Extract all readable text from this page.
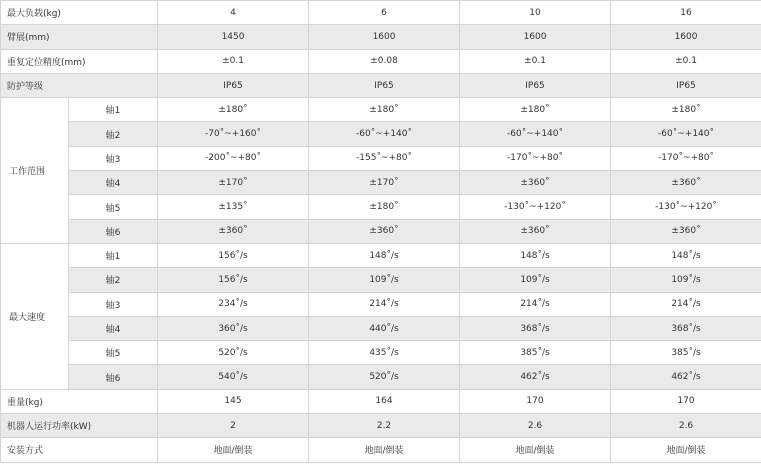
最大负载(kg)		4	6	10	16
臂展(mm)		1450	1600	1600	1600
重复定位精度(mm)		±0.1	±0.08	±0.1	±0.1
防护等级		IP65	IP65	IP65	IP65
工作范围	轴1	±180˚	±180˚	±180˚	±180˚
	轴2	-70˚~+160˚	-60˚~+140˚	-60˚~+140˚	-60˚~+140˚
	轴3	-200˚~+80˚	-155˚~+80˚	-170˚~+80˚	-170˚~+80˚
	轴4	±170˚	±170˚	±360˚	±360˚
	轴5	±135˚	±180˚	-130˚~+120˚	-130˚~+120˚
	轴6	±360˚	±360˚	±360˚	±360˚
最大速度	轴1	156˚/s	148˚/s	148˚/s	148˚/s
	轴2	156˚/s	109˚/s	109˚/s	109˚/s
	轴3	234˚/s	214˚/s	214˚/s	214˚/s
	轴4	360˚/s	440˚/s	368˚/s	368˚/s
	轴5	520˚/s	435˚/s	385˚/s	385˚/s
	轴6	540˚/s	520˚/s	462˚/s	462˚/s
重量(kg)		145	164	170	170
机器人运行功率(kW)		2	2.2	2.6	2.6
安装方式		地面/倒装	地面/倒装	地面/倒装	地面/倒装
